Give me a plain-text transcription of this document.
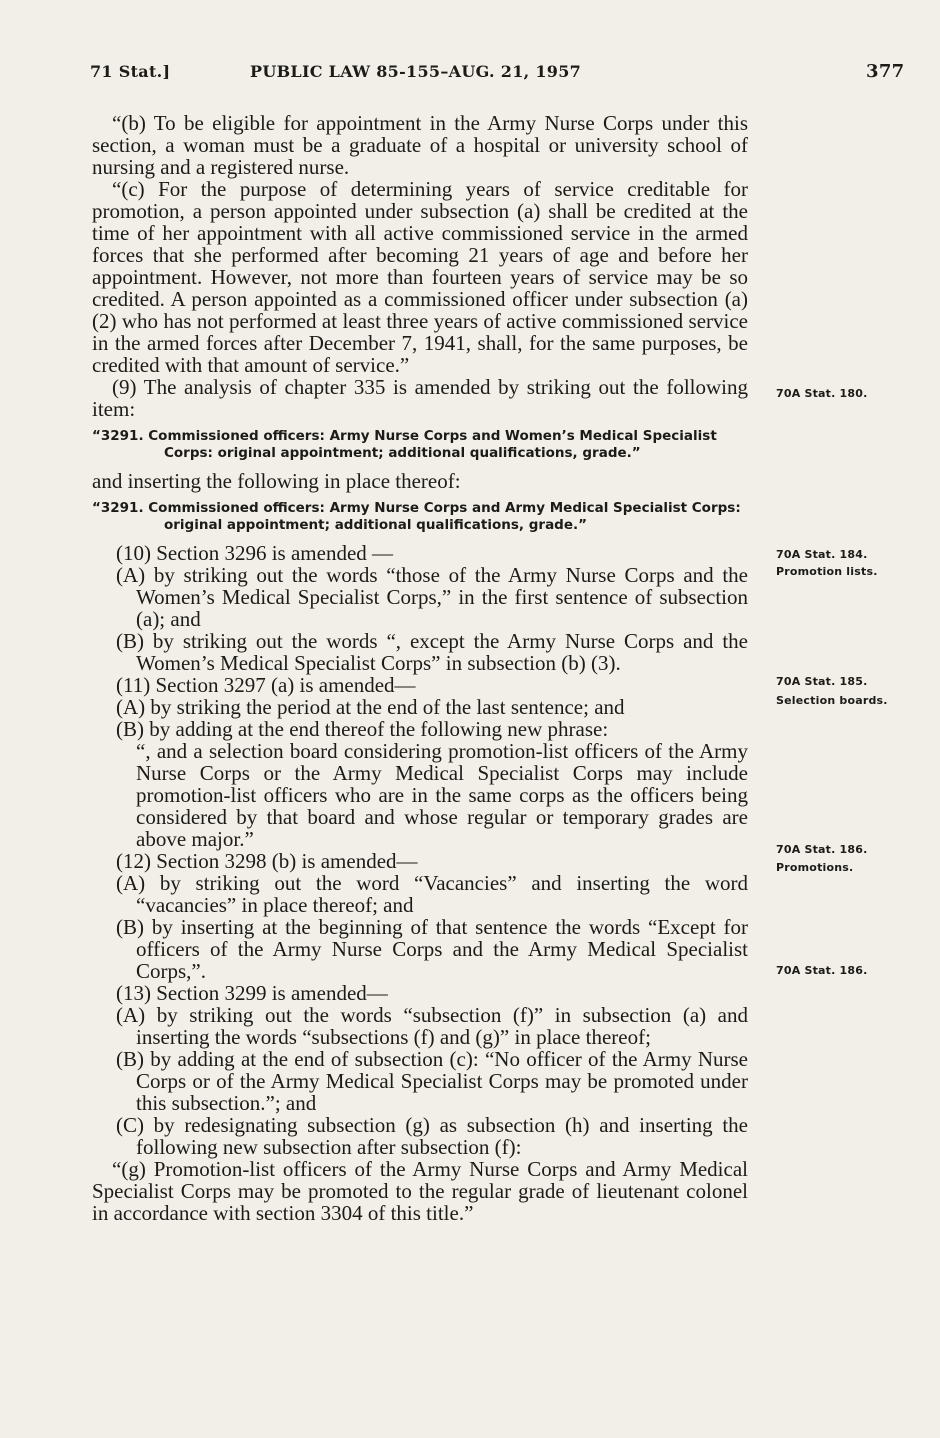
71 Stat.]	PUBLIC LAW 85-155–AUG. 21, 1957	377

“(b) To be eligible for appointment in the Army Nurse Corps under this section, a woman must be a graduate of a hospital or university school of nursing and a registered nurse.

“(c) For the purpose of determining years of service creditable for promotion, a person appointed under subsection (a) shall be credited at the time of her appointment with all active commissioned service in the armed forces that she performed after becoming 21 years of age and before her appointment. However, not more than fourteen years of service may be so credited. A person appointed as a commissioned officer under subsection (a) (2) who has not performed at least three years of active commissioned service in the armed forces after December 7, 1941, shall, for the same purposes, be credited with that amount of service.”

(9) The analysis of chapter 335 is amended by striking out the following item:

“3291. Commissioned officers: Army Nurse Corps and Women’s Medical Specialist Corps: original appointment; additional qualifications, grade.”

and inserting the following in place thereof:

“3291. Commissioned officers: Army Nurse Corps and Army Medical Specialist Corps: original appointment; additional qualifications, grade.”

(10) Section 3296 is amended —

(A) by striking out the words “those of the Army Nurse Corps and the Women’s Medical Specialist Corps,” in the first sentence of subsection (a); and

(B) by striking out the words “, except the Army Nurse Corps and the Women’s Medical Specialist Corps” in subsection (b) (3).

(11) Section 3297 (a) is amended—

(A) by striking the period at the end of the last sentence; and

(B) by adding at the end thereof the following new phrase:

“, and a selection board considering promotion-list officers of the Army Nurse Corps or the Army Medical Specialist Corps may include promotion-list officers who are in the same corps as the officers being considered by that board and whose regular or temporary grades are above major.”

(12) Section 3298 (b) is amended—

(A) by striking out the word “Vacancies” and inserting the word “vacancies” in place thereof; and

(B) by inserting at the beginning of that sentence the words “Except for officers of the Army Nurse Corps and the Army Medical Specialist Corps,”.

(13) Section 3299 is amended—

(A) by striking out the words “subsection (f)” in subsection (a) and inserting the words “subsections (f) and (g)” in place thereof;

(B) by adding at the end of subsection (c): “No officer of the Army Nurse Corps or of the Army Medical Specialist Corps may be promoted under this subsection.”; and

(C) by redesignating subsection (g) as subsection (h) and inserting the following new subsection after subsection (f):

“(g) Promotion-list officers of the Army Nurse Corps and Army Medical Specialist Corps may be promoted to the regular grade of lieutenant colonel in accordance with section 3304 of this title.”

70A Stat. 180.
70A Stat. 184.
Promotion lists.
70A Stat. 185.
Selection boards.
70A Stat. 186.
Promotions.
70A Stat. 186.
